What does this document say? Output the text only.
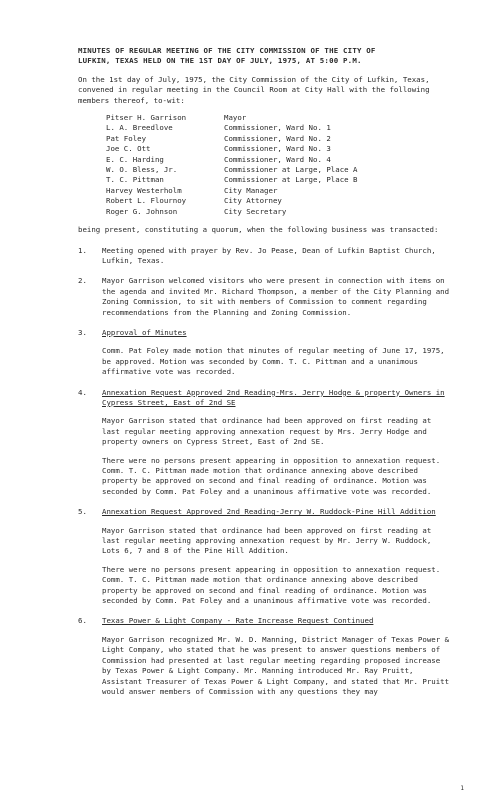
MINUTES OF REGULAR MEETING OF THE CITY COMMISSION OF THE CITY OF

LUFKIN, TEXAS HELD ON THE 1ST DAY OF JULY, 1975, AT 5:00 P.M.

On the 1st day of July, 1975, the City Commission of the City of Lufkin, Texas, convened in regular meeting in the Council Room at City Hall with the following members thereof, to-wit:

Pitser H. Garrison	Mayor
L. A. Breedlove	Commissioner, Ward No. 1
Pat Foley	Commissioner, Ward No. 2
Joe C. Ott	Commissioner, Ward No. 3
E. C. Harding	Commissioner, Ward No. 4
W. O. Bless, Jr.	Commissioner at Large, Place A
T. C. Pittman	Commissioner at Large, Place B
Harvey Westerholm	City Manager
Robert L. Flournoy	City Attorney
Roger G. Johnson	City Secretary

being present, constituting a quorum, when the following business was transacted:

1.	Meeting opened with prayer by Rev. Jo Pease, Dean of Lufkin Baptist Church, Lufkin, Texas.

2.	Mayor Garrison welcomed visitors who were present in connection with items on the agenda and invited Mr. Richard Thompson, a member of the City Planning and Zoning Commission, to sit with members of Commission to comment regarding recommendations from the Planning and Zoning Commission.

3.	Approval of Minutes

Comm. Pat Foley made motion that minutes of regular meeting of June 17, 1975, be approved. Motion was seconded by Comm. T. C. Pittman and a unanimous affirmative vote was recorded.

4.	Annexation Request Approved 2nd Reading-Mrs. Jerry Hodge & property Owners in Cypress Street, East of 2nd SE

Mayor Garrison stated that ordinance had been approved on first reading at last regular meeting approving annexation request by Mrs. Jerry Hodge and property owners on Cypress Street, East of 2nd SE.

There were no persons present appearing in opposition to annexation request. Comm. T. C. Pittman made motion that ordinance annexing above described property be approved on second and final reading of ordinance. Motion was seconded by Comm. Pat Foley and a unanimous affirmative vote was recorded.

5.	Annexation Request Approved 2nd Reading-Jerry W. Ruddock-Pine Hill Addition

Mayor Garrison stated that ordinance had been approved on first reading at last regular meeting approving annexation request by Mr. Jerry W. Ruddock, Lots 6, 7 and 8 of the Pine Hill Addition.

There were no persons present appearing in opposition to annexation request. Comm. T. C. Pittman made motion that ordinance annexing above described property be approved on second and final reading of ordinance. Motion was seconded by Comm. Pat Foley and a unanimous affirmative vote was recorded.

6.	Texas Power & Light Company - Rate Increase Request Continued

Mayor Garrison recognized Mr. W. D. Manning, District Manager of Texas Power & Light Company, who stated that he was present to answer questions members of Commission had presented at last regular meeting regarding proposed increase by Texas Power & Light Company. Mr. Manning introduced Mr. Ray Pruitt, Assistant Treasurer of Texas Power & Light Company, and stated that Mr. Pruitt would answer members of Commission with any questions they may

1
